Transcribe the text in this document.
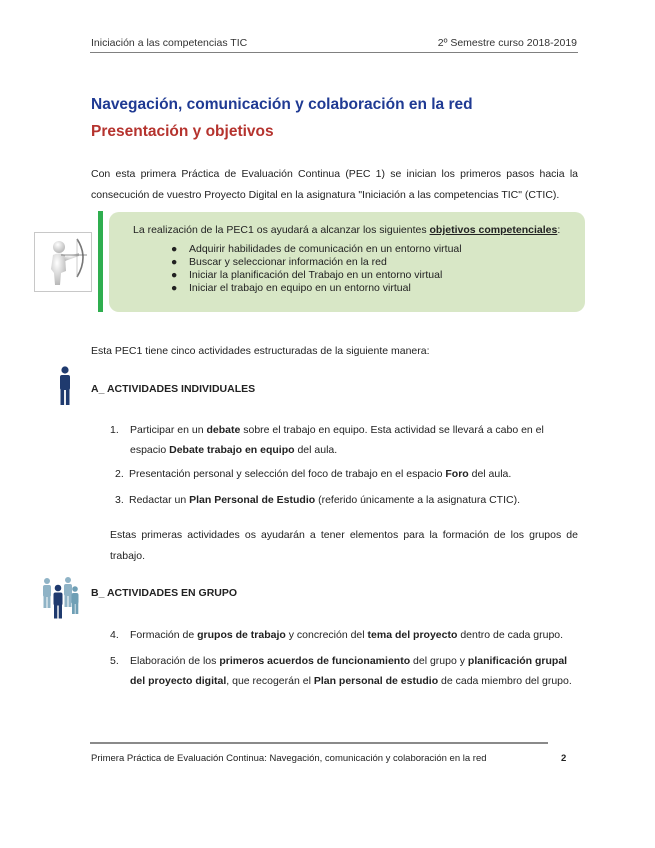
Iniciación a las competencias TIC	2º Semestre curso 2018-2019
Navegación, comunicación y colaboración en la red
Presentación y objetivos
Con esta primera Práctica de Evaluación Continua (PEC 1) se inician los primeros pasos hacia la consecución de vuestro Proyecto Digital en la asignatura "Iniciación a las competencias TIC" (CTIC).
La realización de la PEC1 os ayudará a alcanzar los siguientes objetivos competenciales:
● Adquirir habilidades de comunicación en un entorno virtual
● Buscar y seleccionar información en la red
● Iniciar la planificación del Trabajo en un entorno virtual
● Iniciar el trabajo en equipo en un entorno virtual
Esta PEC1 tiene cinco actividades estructuradas de la siguiente manera:
A_ ACTIVIDADES INDIVIDUALES
1.	Participar en un debate sobre el trabajo en equipo. Esta actividad se llevará a cabo en el espacio Debate trabajo en equipo del aula.
2. Presentación personal y selección del foco de trabajo en el espacio Foro del aula.
3. Redactar un Plan Personal de Estudio (referido únicamente a la asignatura CTIC).
Estas primeras actividades os ayudarán a tener elementos para la formación de los grupos de trabajo.
B_ ACTIVIDADES EN GRUPO
4.	Formación de grupos de trabajo y concreción del tema del proyecto dentro de cada grupo.
5.	Elaboración de los primeros acuerdos de funcionamiento del grupo y planificación grupal del proyecto digital, que recogerán el Plan personal de estudio de cada miembro del grupo.
Primera Práctica de Evaluación Continua: Navegación, comunicación y colaboración en la red	2
